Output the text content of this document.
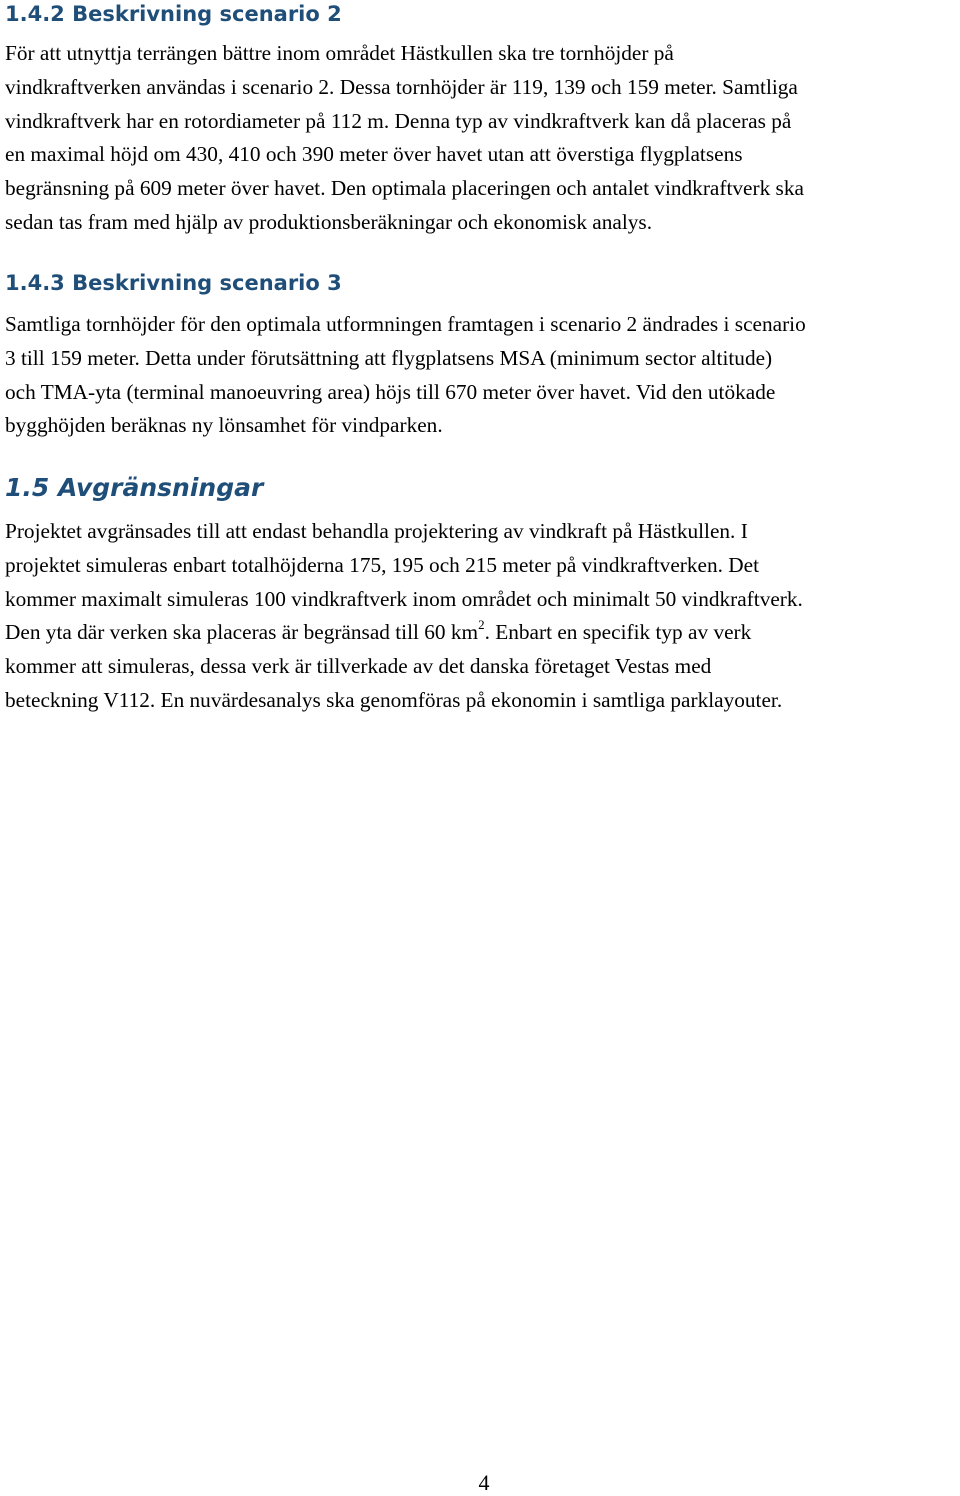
1.4.2 Beskrivning scenario 2
För att utnyttja terrängen bättre inom området Hästkullen ska tre tornhöjder på
vindkraftverken användas i scenario 2. Dessa tornhöjder är 119, 139 och 159 meter. Samtliga
vindkraftverk har en rotordiameter på 112 m. Denna typ av vindkraftverk kan då placeras på
en maximal höjd om 430, 410 och 390 meter över havet utan att överstiga flygplatsens
begränsning på 609 meter över havet. Den optimala placeringen och antalet vindkraftverk ska
sedan tas fram med hjälp av produktionsberäkningar och ekonomisk analys.
1.4.3 Beskrivning scenario 3
Samtliga tornhöjder för den optimala utformningen framtagen i scenario 2 ändrades i scenario
3 till 159 meter. Detta under förutsättning att flygplatsens MSA (minimum sector altitude)
och TMA-yta (terminal manoeuvring area) höjs till 670 meter över havet. Vid den utökade
bygghöjden beräknas ny lönsamhet för vindparken.
1.5 Avgränsningar
Projektet avgränsades till att endast behandla projektering av vindkraft på Hästkullen. I
projektet simuleras enbart totalhöjderna 175, 195 och 215 meter på vindkraftverken. Det
kommer maximalt simuleras 100 vindkraftverk inom området och minimalt 50 vindkraftverk.
Den yta där verken ska placeras är begränsad till 60 $km^2$. Enbart en specifik typ av verk
kommer att simuleras, dessa verk är tillverkade av det danska företaget Vestas med
beteckning V112. En nuvärdesanalys ska genomföras på ekonomin i samtliga parklayouter.
4
